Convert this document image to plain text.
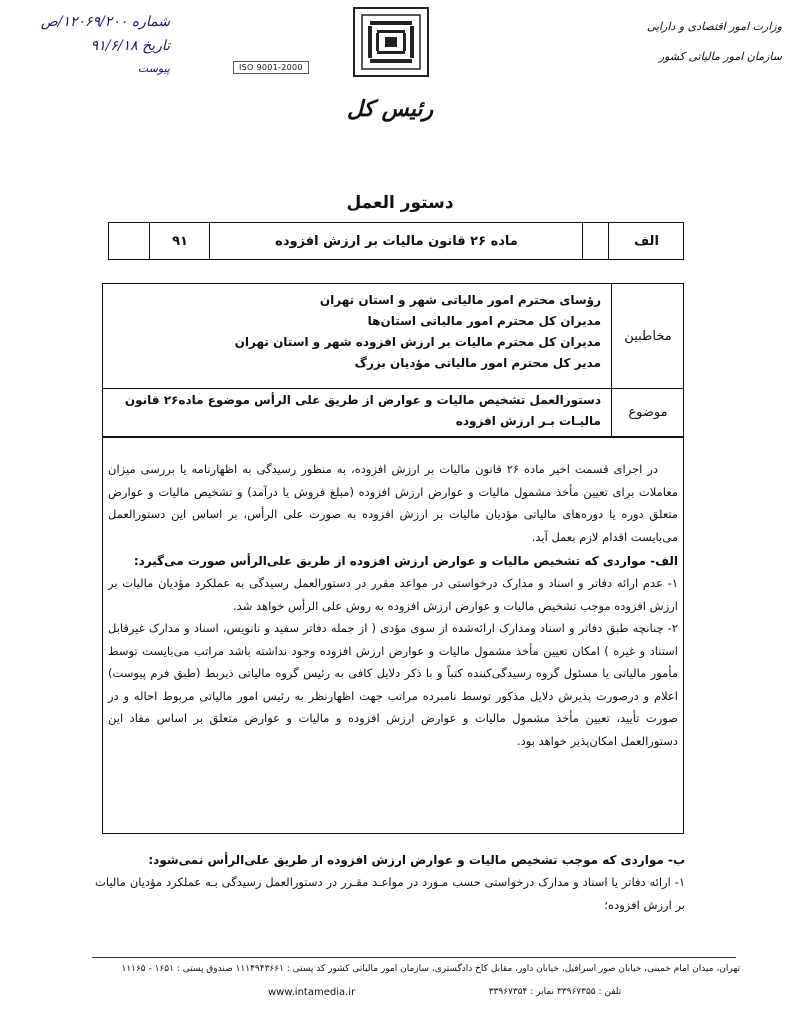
وزارت امور اقتصادی و دارایی
سازمان امور مالیاتی کشور
ISO 9001-2000
شماره ۱۲۰۶۹/۲۰۰/ص
تاریخ ۹۱/۶/۱۸
پیوست
رئیس کل
دستور العمل
۹۱	ماده ۲۶ قانون مالیات بر ارزش افزوده	الف
مخاطبین
رؤسای محترم امور مالیاتی شهر و استان تهران
مدیران کل محترم امور مالیاتی استان‌ها
مدیران کل محترم مالیات بر ارزش افزوده شهر و استان تهران
مدیر کل محترم امور مالیاتی مؤدیان بزرگ
موضوع
دستورالعمل تشخیص مالیات و عوارض از طریق علی الرأس موضوع ماده۲۶ قانون مالیـات بـر ارزش افزوده
در اجرای قسمت اخیر ماده ۲۶ قانون مالیات بر ارزش افزوده، به منظور رسیدگی به اظهارنامه یا بررسی میزان معاملات برای تعیین مأخذ مشمول مالیات و عوارض ارزش افزوده (مبلغ فروش یا درآمد) و تشخیص مالیات و عوارض متعلق دوره یا دوره‌های مالیاتی مؤدیان مالیات بر ارزش افزوده به صورت علی الرأس، بر اساس این دستورالعمل می‌بایست اقدام لازم بعمل آید.
الف- مواردی که تشخیص مالیات و عوارض ارزش افزوده از طریق علی‌الرأس صورت می‌گیرد:
۱- عدم ارائه دفاتر و اسناد و مدارک درخواستی در مواعد مقرر در دستورالعمل رسیدگی به عملکرد مؤدیان مالیات بر ارزش افزوده موجب تشخیص مالیات و عوارض ارزش افزوده به روش علی الرأس خواهد شد.
۲- چنانچه طبق دفاتر و اسناد ومدارک ارائه‌شده از سوی مؤدی ( از جمله دفاتر سفید و نانویس، اسناد و مدارک غیرقابل استناد و غیره ) امکان تعیین مأخذ مشمول مالیات و عوارض ارزش افزوده وجود نداشته باشد مراتب می‌بایست توسط مأمور مالیاتی یا مسئول گروه رسیدگی‌کننده کتباً و با ذکر دلایل کافی به رئیس گروه مالیاتی ذیربط (طبق فرم پیوست) اعلام و درصورت پذیرش دلایل مذکور توسط نامبرده مراتب جهت اظهارنظر به رئیس امور مالیاتی مربوط احاله و در صورت تأیید، تعیین مأخذ مشمول مالیات و عوارض ارزش افزوده و مالیات و عوارض متعلق بر اساس مفاد این دستورالعمل امکان‌پذیر خواهد بود.
ب- مواردی که موجب تشخیص مالیات و عوارض ارزش افزوده از طریق علی‌الرأس نمی‌شود:
۱- ارائه دفاتر یا اسناد و مدارک درخواستی حسب مـورد در مواعـد مقـرر در دستورالعمل رسیدگی بـه عملکرد مؤدیان مالیات بر ارزش افزوده؛
تهران، میدان امام خمینی، خیابان صور اسرافیل، خیابان داور، مقابل کاخ دادگستری، سازمان امور مالیاتی کشور کد پستی : ۱۱۱۴۹۴۳۶۶۱ صندوق پستی : ۱۶۵۱ - ۱۱۱۶۵
تلفن : ۳۳۹۶۷۳۵۵ نمابر : ۳۳۹۶۷۳۵۴
www.intamedia.ir
